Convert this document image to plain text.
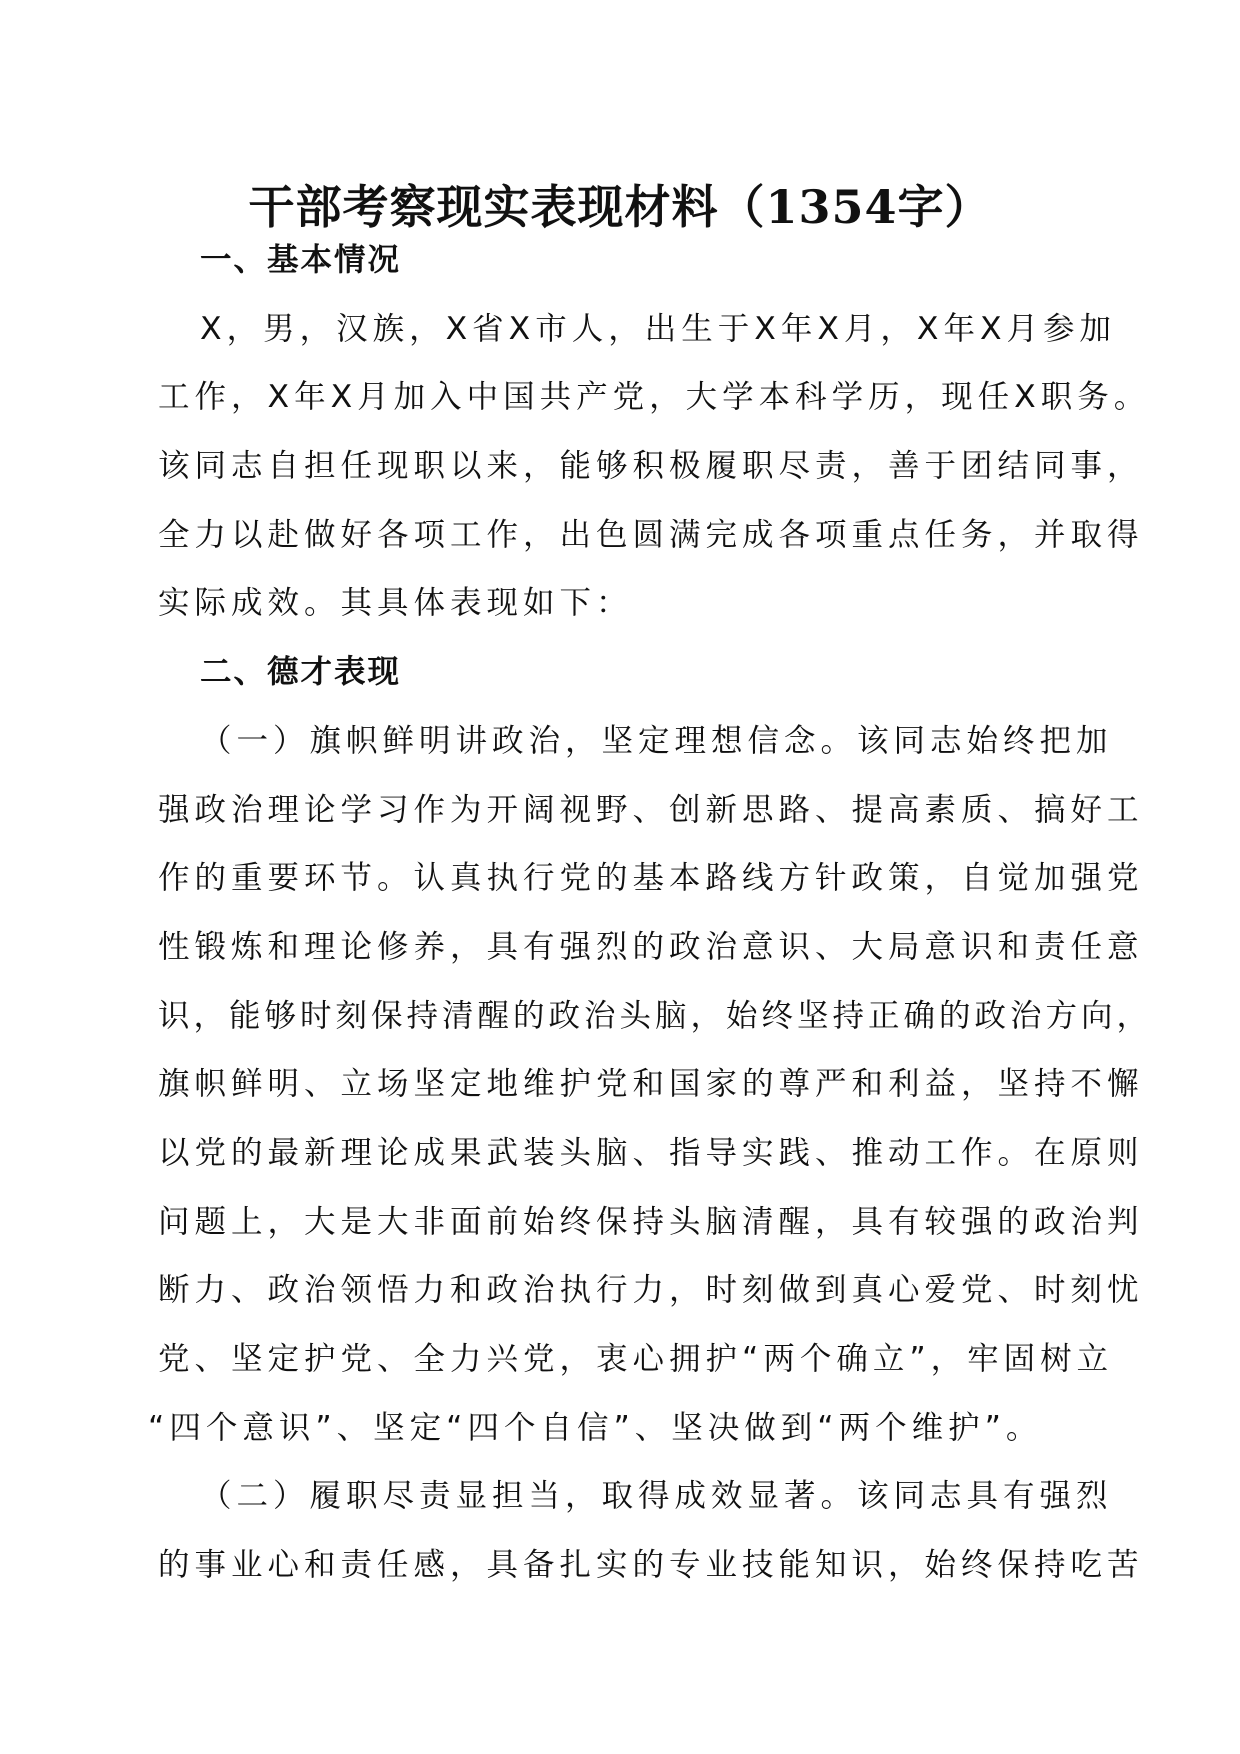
干部考察现实表现材料（1354字）
一、基本情况
X，男，汉族，X省X市人，出生于X年X月，X年X月参加
工作，X年X月加入中国共产党，大学本科学历，现任X职务。
该同志自担任现职以来，能够积极履职尽责，善于团结同事，
全力以赴做好各项工作，出色圆满完成各项重点任务，并取得
实际成效。其具体表现如下：
二、德才表现
（一）旗帜鲜明讲政治，坚定理想信念。该同志始终把加
强政治理论学习作为开阔视野、创新思路、提高素质、搞好工
作的重要环节。认真执行党的基本路线方针政策，自觉加强党
性锻炼和理论修养，具有强烈的政治意识、大局意识和责任意
识，能够时刻保持清醒的政治头脑，始终坚持正确的政治方向，
旗帜鲜明、立场坚定地维护党和国家的尊严和利益，坚持不懈
以党的最新理论成果武装头脑、指导实践、推动工作。在原则
问题上，大是大非面前始终保持头脑清醒，具有较强的政治判
断力、政治领悟力和政治执行力，时刻做到真心爱党、时刻忧
党、坚定护党、全力兴党，衷心拥护“两个确立”，牢固树立
“四个意识”、坚定“四个自信”、坚决做到“两个维护”。
（二）履职尽责显担当，取得成效显著。该同志具有强烈
的事业心和责任感，具备扎实的专业技能知识，始终保持吃苦
